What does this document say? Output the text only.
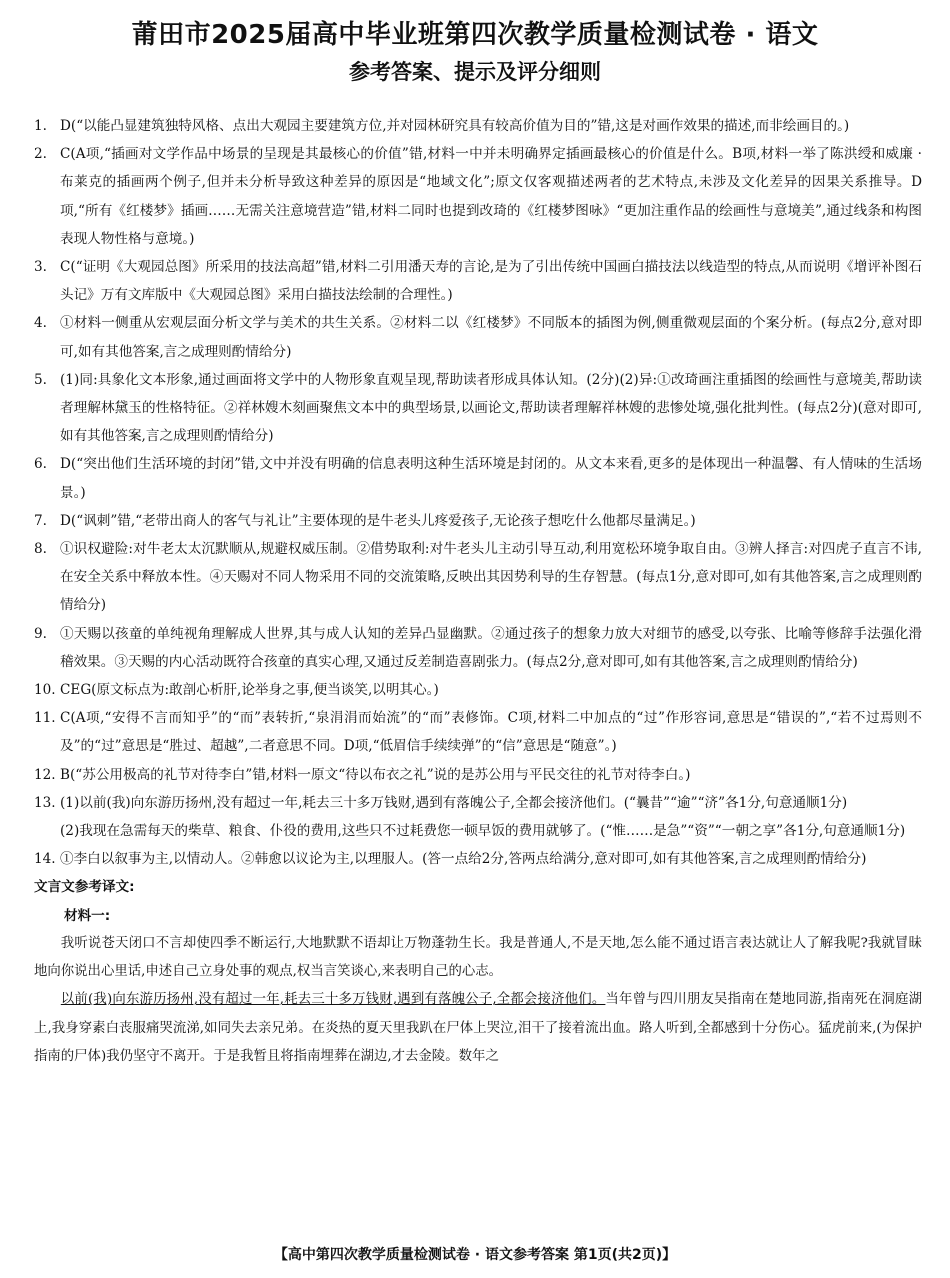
莆田市2025届高中毕业班第四次教学质量检测试卷 · 语文
参考答案、提示及评分细则
1. D(“以能凸显建筑独特风格、点出大观园主要建筑方位,并对园林研究具有较高价值为目的”错,这是对画作效果的描述,而非绘画目的。)
2. C(A项,“插画对文学作品中场景的呈现是其最核心的价值”错,材料一中并未明确界定插画最核心的价值是什么。B项,材料一举了陈洪绶和威廉 · 布莱克的插画两个例子,但并未分析导致这种差异的原因是“地域文化”;原文仅客观描述两者的艺术特点,未涉及文化差异的因果关系推导。D项,“所有《红楼梦》插画……无需关注意境营造”错,材料二同时也提到改琦的《红楼梦图咏》“更加注重作品的绘画性与意境美”,通过线条和构图表现人物性格与意境。)
3. C(“证明《大观园总图》所采用的技法高超”错,材料二引用潘天寿的言论,是为了引出传统中国画白描技法以线造型的特点,从而说明《增评补图石头记》万有文库版中《大观园总图》采用白描技法绘制的合理性。)
4. ①材料一侧重从宏观层面分析文学与美术的共生关系。②材料二以《红楼梦》不同版本的插图为例,侧重微观层面的个案分析。(每点2分,意对即可,如有其他答案,言之成理则酌情给分)
5. (1)同:具象化文本形象,通过画面将文学中的人物形象直观呈现,帮助读者形成具体认知。(2分)(2)异:①改琦画注重插图的绘画性与意境美,帮助读者理解林黛玉的性格特征。②祥林嫂木刻画聚焦文本中的典型场景,以画论文,帮助读者理解祥林嫂的悲惨处境,强化批判性。(每点2分)(意对即可,如有其他答案,言之成理则酌情给分)
6. D(“突出他们生活环境的封闭”错,文中并没有明确的信息表明这种生活环境是封闭的。从文本来看,更多的是体现出一种温馨、有人情味的生活场景。)
7. D(“讽刺”错,“老带出商人的客气与礼让”主要体现的是牛老头儿疼爱孩子,无论孩子想吃什么他都尽量满足。)
8. ①识权避险:对牛老太太沉默顺从,规避权威压制。②借势取利:对牛老头儿主动引导互动,利用宽松环境争取自由。③辨人择言:对四虎子直言不讳,在安全关系中释放本性。④天赐对不同人物采用不同的交流策略,反映出其因势利导的生存智慧。(每点1分,意对即可,如有其他答案,言之成理则酌情给分)
9. ①天赐以孩童的单纯视角理解成人世界,其与成人认知的差异凸显幽默。②通过孩子的想象力放大对细节的感受,以夸张、比喻等修辞手法强化滑稽效果。③天赐的内心活动既符合孩童的真实心理,又通过反差制造喜剧张力。(每点2分,意对即可,如有其他答案,言之成理则酌情给分)
10. CEG(原文标点为:敢剖心析肝,论举身之事,便当谈笑,以明其心。)
11. C(A项,“安得不言而知乎”的“而”表转折,“泉涓涓而始流”的“而”表修饰。C项,材料二中加点的“过”作形容词,意思是“错误的”,“若不过焉则不及”的“过”意思是“胜过、超越”,二者意思不同。D项,“低眉信手续续弹”的“信”意思是“随意”。)
12. B(“苏公用极高的礼节对待李白”错,材料一原文“待以布衣之礼”说的是苏公用与平民交往的礼节对待李白。)
13. (1)以前(我)向东游历扬州,没有超过一年,耗去三十多万钱财,遇到有落魄公子,全都会接济他们。(“曩昔”“逾”“济”各1分,句意通顺1分)
(2)我现在急需每天的柴草、粮食、仆役的费用,这些只不过耗费您一顿早饭的费用就够了。(“惟……是急”“资”“一朝之享”各1分,句意通顺1分)
14. ①李白以叙事为主,以情动人。②韩愈以议论为主,以理服人。(答一点给2分,答两点给满分,意对即可,如有其他答案,言之成理则酌情给分)
文言文参考译文:
材料一:
我听说苍天闭口不言却使四季不断运行,大地默默不语却让万物蓬勃生长。我是普通人,不是天地,怎么能不通过语言表达就让人了解我呢?我就冒昧地向你说出心里话,申述自己立身处事的观点,权当言笑谈心,来表明自己的心志。
以前(我)向东游历扬州,没有超过一年,耗去三十多万钱财,遇到有落魄公子,全都会接济他们。当年曾与四川朋友吴指南在楚地同游,指南死在洞庭湖上,我身穿素白丧服痛哭流涕,如同失去亲兄弟。在炎热的夏天里我趴在尸体上哭泣,泪干了接着流出血。路人听到,全都感到十分伤心。猛虎前来,(为保护指南的尸体)我仍坚守不离开。于是我暂且将指南埋葬在湖边,才去金陵。数年之
【高中第四次教学质量检测试卷 · 语文参考答案 第1页(共2页)】
